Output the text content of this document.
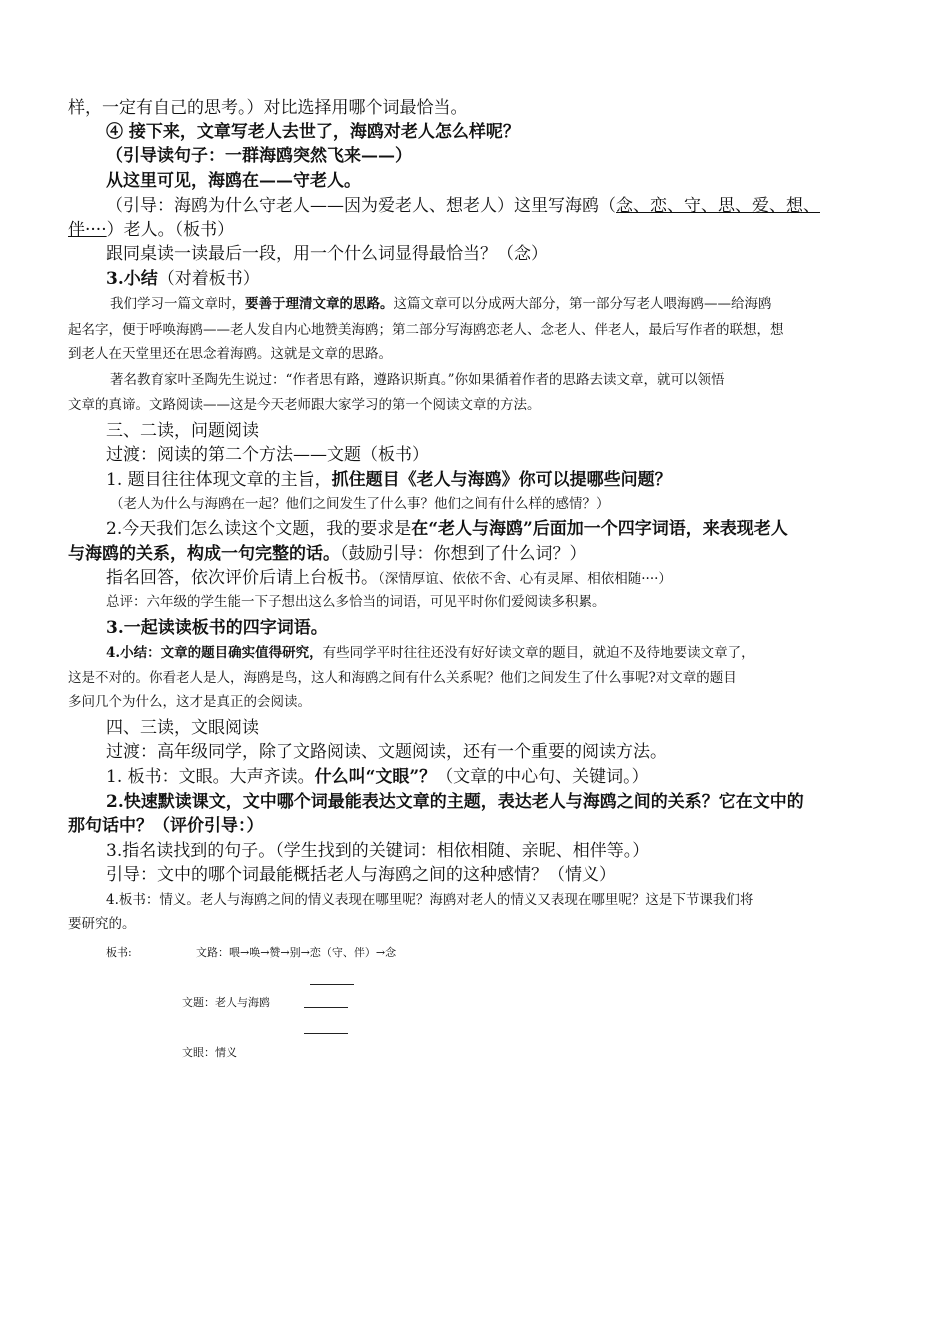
样，一定有自己的思考。）对比选择用哪个词最恰当。
④ 接下来，文章写老人去世了，海鸥对老人怎么样呢？
（引导读句子：一群海鸥突然飞来——）
从这里可见，海鸥在——守老人。
（引导：海鸥为什么守老人——因为爱老人、想老人）这里写海鸥（念、恋、守、思、爱、想、
伴····）老人。（板书）
跟同桌读一读最后一段，用一个什么词显得最恰当？（念）
3.小结（对着板书）
我们学习一篇文章时，要善于理清文章的思路。这篇文章可以分成两大部分，第一部分写老人喂海鸥——给海鸥
起名字，便于呼唤海鸥——老人发自内心地赞美海鸥；第二部分写海鸥恋老人、念老人、伴老人，最后写作者的联想，想
到老人在天堂里还在思念着海鸥。这就是文章的思路。
著名教育家叶圣陶先生说过：“作者思有路，遵路识斯真。”你如果循着作者的思路去读文章，就可以领悟
文章的真谛。文路阅读——这是今天老师跟大家学习的第一个阅读文章的方法。
三、二读，问题阅读
过渡：阅读的第二个方法——文题（板书）
1. 题目往往体现文章的主旨，抓住题目《老人与海鸥》你可以提哪些问题？
（老人为什么与海鸥在一起？他们之间发生了什么事？他们之间有什么样的感情？）
2.今天我们怎么读这个文题，我的要求是在“老人与海鸥”后面加一个四字词语，来表现老人
与海鸥的关系，构成一句完整的话。（鼓励引导：你想到了什么词？）
指名回答，依次评价后请上台板书。（深情厚谊、依依不舍、心有灵犀、相依相随····）
总评：六年级的学生能一下子想出这么多恰当的词语，可见平时你们爱阅读多积累。
3.一起读读板书的四字词语。
4.小结：文章的题目确实值得研究，有些同学平时往往还没有好好读文章的题目，就迫不及待地要读文章了，
这是不对的。你看老人是人，海鸥是鸟，这人和海鸥之间有什么关系呢？他们之间发生了什么事呢?对文章的题目
多问几个为什么，这才是真正的会阅读。
四、三读，文眼阅读
过渡：高年级同学，除了文路阅读、文题阅读，还有一个重要的阅读方法。
1. 板书：文眼。大声齐读。什么叫“文眼”？（文章的中心句、关键词。）
2.快速默读课文，文中哪个词最能表达文章的主题，表达老人与海鸥之间的关系？它在文中的
那句话中？（评价引导：）
3.指名读找到的句子。（学生找到的关键词：相依相随、亲昵、相伴等。）
引导：文中的哪个词最能概括老人与海鸥之间的这种感情？（情义）
4.板书：情义。老人与海鸥之间的情义表现在哪里呢？海鸥对老人的情义又表现在哪里呢？这是下节课我们将
要研究的。
板书:	文路：喂→唤→赞→别→恋（守、伴）→念
文题：老人与海鸥
文眼：情义
